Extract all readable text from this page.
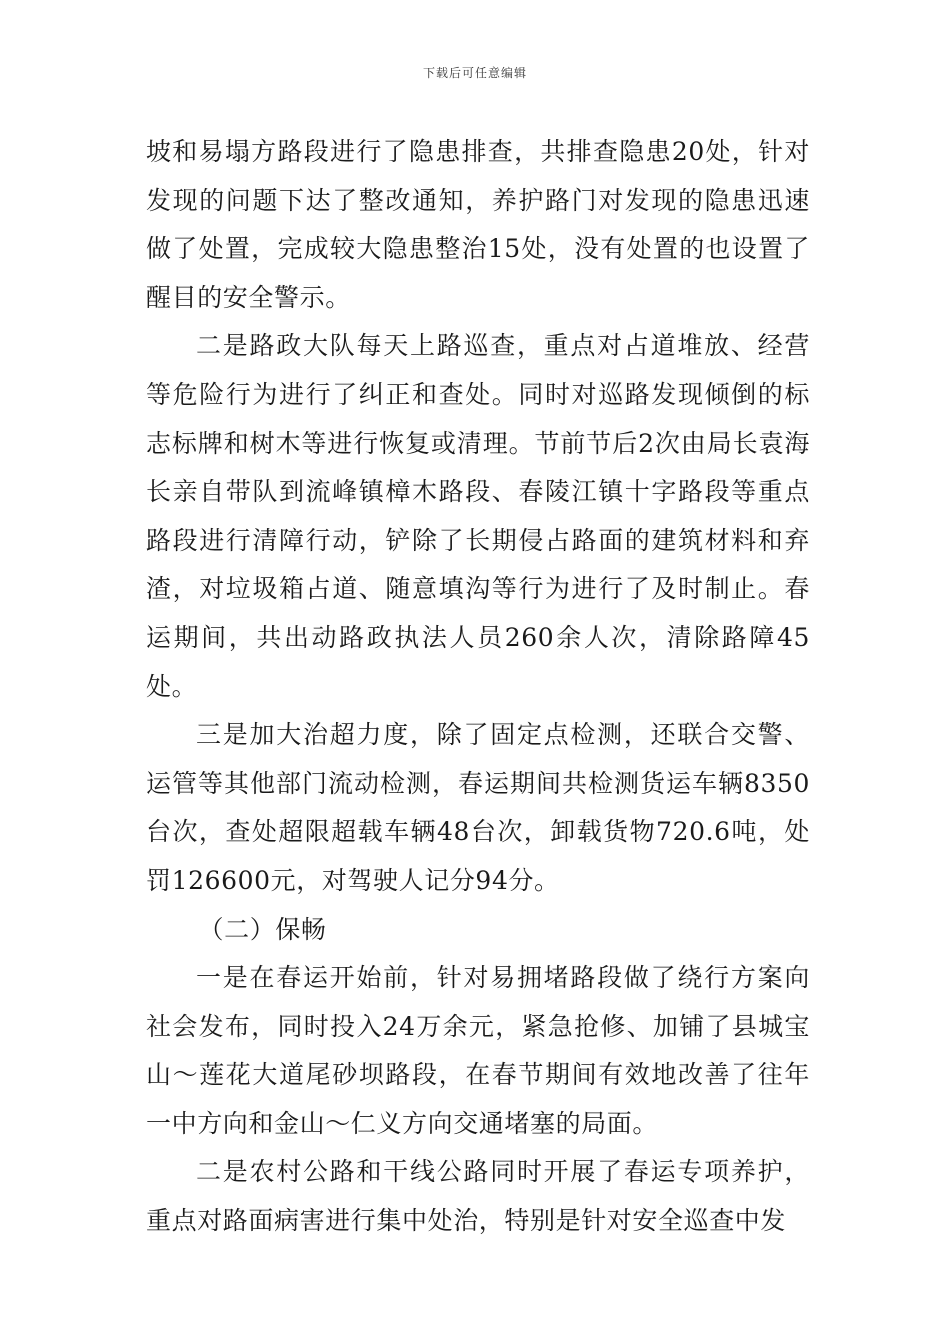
下载后可任意编辑

坡和易塌方路段进行了隐患排查，共排查隐患20处，针对发现的问题下达了整改通知，养护路门对发现的隐患迅速做了处置，完成较大隐患整治15处，没有处置的也设置了醒目的安全警示。

二是路政大队每天上路巡查，重点对占道堆放、经营等危险行为进行了纠正和查处。同时对巡路发现倾倒的标志标牌和树木等进行恢复或清理。节前节后2次由局长袁海长亲自带队到流峰镇樟木路段、春陵江镇十字路段等重点路段进行清障行动，铲除了长期侵占路面的建筑材料和弃渣，对垃圾箱占道、随意填沟等行为进行了及时制止。春运期间，共出动路政执法人员260余人次，清除路障45处。

三是加大治超力度，除了固定点检测，还联合交警、运管等其他部门流动检测，春运期间共检测货运车辆8350台次，查处超限超载车辆48台次，卸载货物720.6吨，处罚126600元，对驾驶人记分94分。

（二）保畅

一是在春运开始前，针对易拥堵路段做了绕行方案向社会发布，同时投入24万余元，紧急抢修、加铺了县城宝山～莲花大道尾砂坝路段，在春节期间有效地改善了往年一中方向和金山～仁义方向交通堵塞的局面。

二是农村公路和干线公路同时开展了春运专项养护，重点对路面病害进行集中处治，特别是针对安全巡查中发
